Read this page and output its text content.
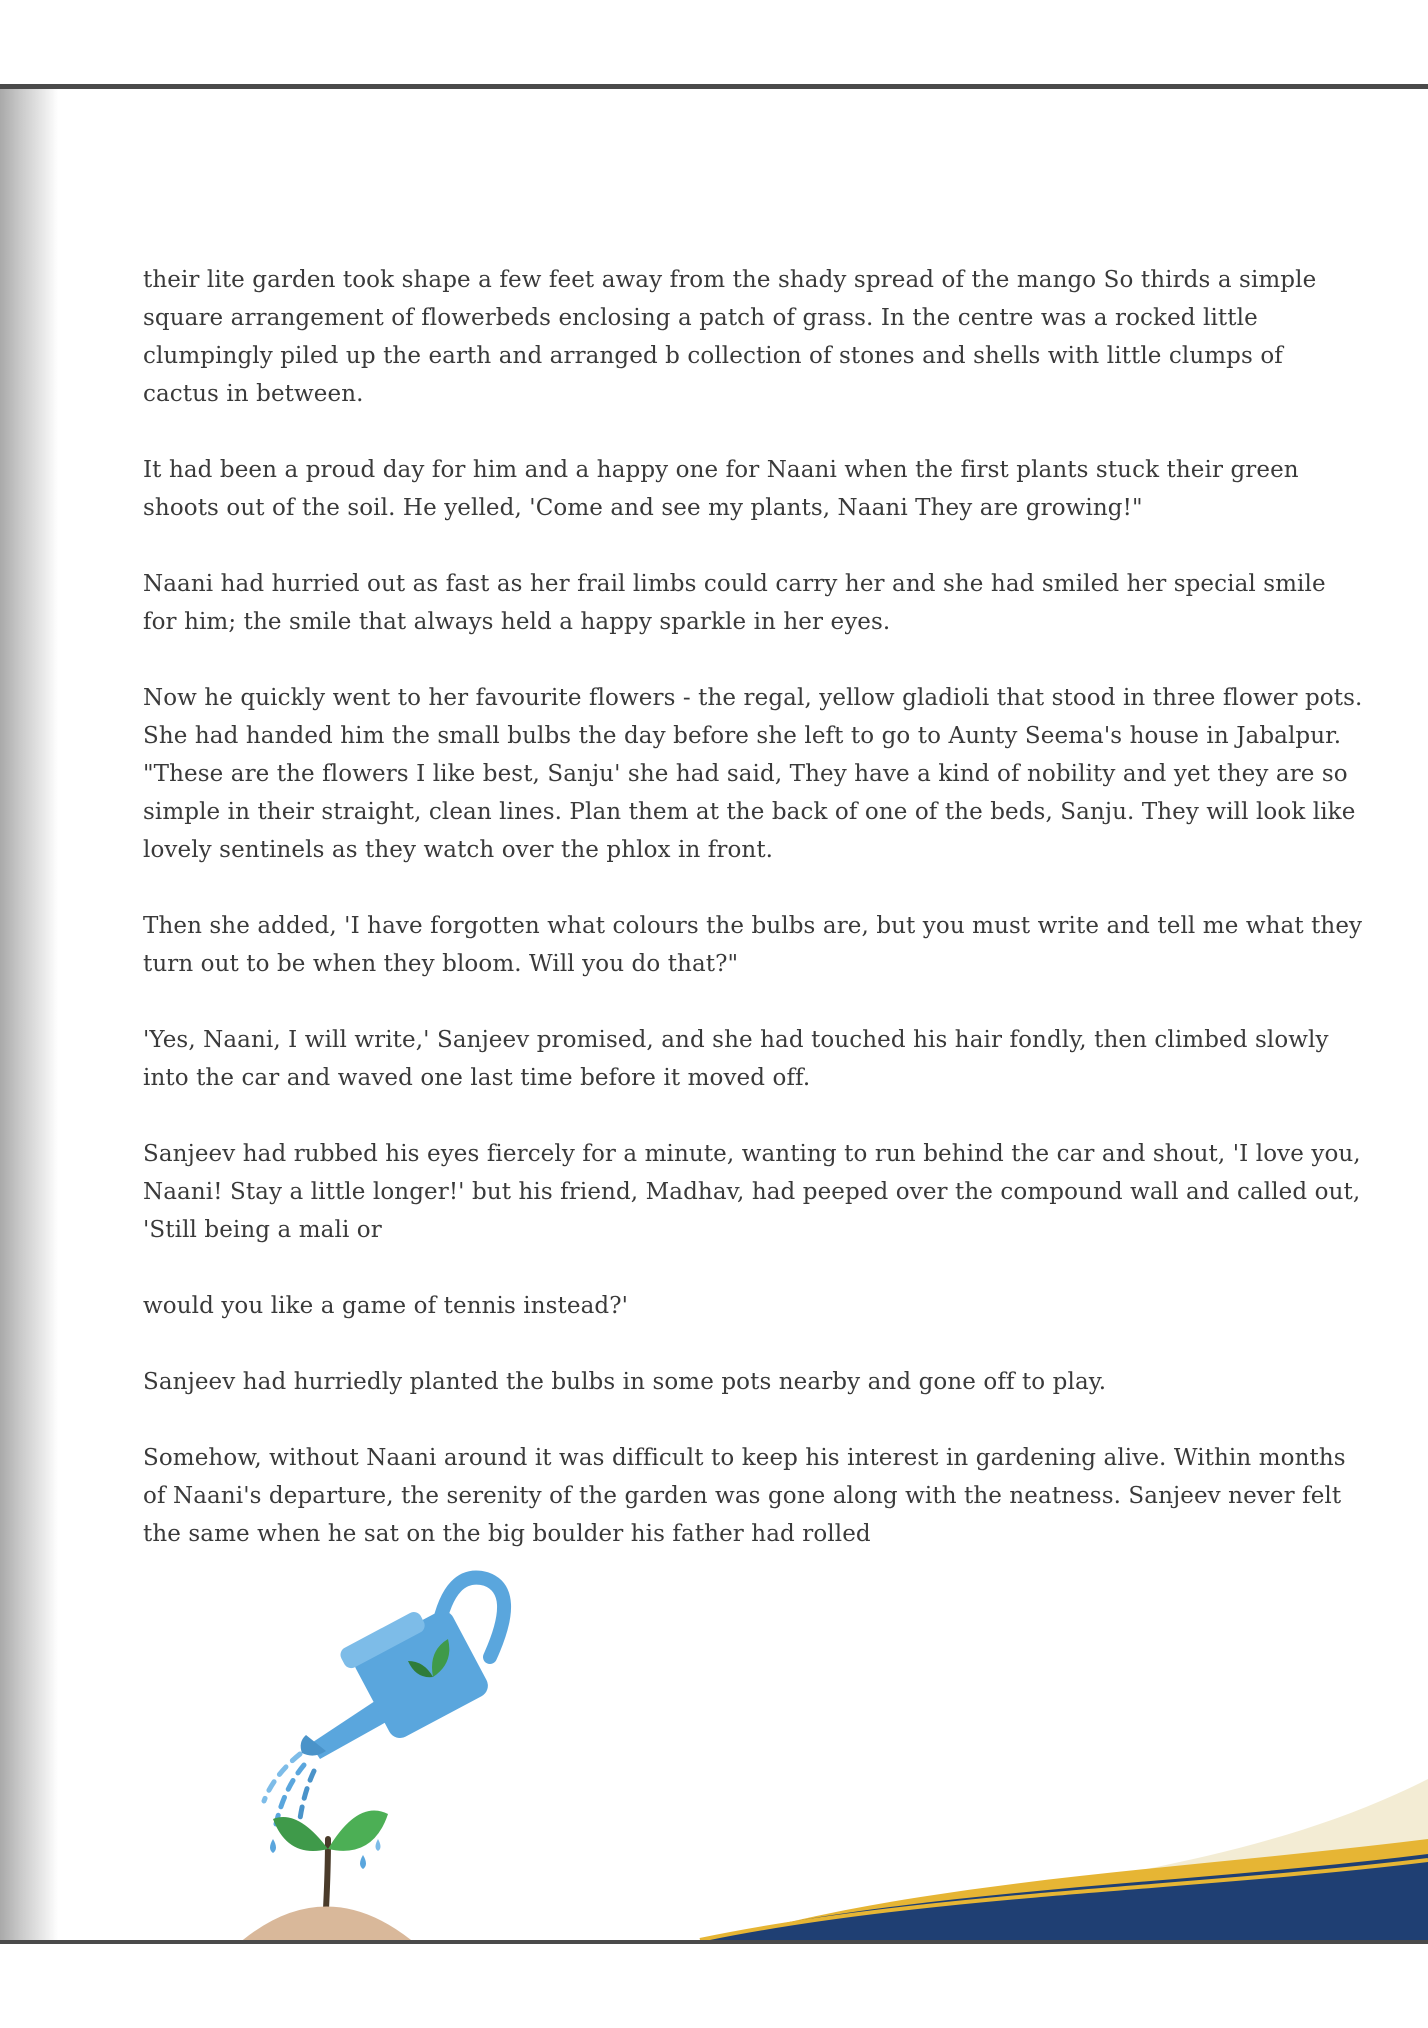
their lite garden took shape a few feet away from the shady spread of the mango So thirds a simple square arrangement of flowerbeds enclosing a patch of grass. In the centre was a rocked little clumpingly piled up the earth and arranged b collection of stones and shells with little clumps of cactus in between.

It had been a proud day for him and a happy one for Naani when the first plants stuck their green shoots out of the soil. He yelled, 'Come and see my plants, Naani They are growing!"

Naani had hurried out as fast as her frail limbs could carry her and she had smiled her special smile for him; the smile that always held a happy sparkle in her eyes.

Now he quickly went to her favourite flowers - the regal, yellow gladioli that stood in three flower pots. She had handed him the small bulbs the day before she left to go to Aunty Seema's house in Jabalpur. "These are the flowers I like best, Sanju' she had said, They have a kind of nobility and yet they are so simple in their straight, clean lines. Plan them at the back of one of the beds, Sanju. They will look like lovely sentinels as they watch over the phlox in front.

Then she added, 'I have forgotten what colours the bulbs are, but you must write and tell me what they turn out to be when they bloom. Will you do that?"

'Yes, Naani, I will write,' Sanjeev promised, and she had touched his hair fondly, then climbed slowly into the car and waved one last time before it moved off.

Sanjeev had rubbed his eyes fiercely for a minute, wanting to run behind the car and shout, 'I love you, Naani! Stay a little longer!' but his friend, Madhav, had peeped over the compound wall and called out, 'Still being a mali or

would you like a game of tennis instead?'

Sanjeev had hurriedly planted the bulbs in some pots nearby and gone off to play.

Somehow, without Naani around it was difficult to keep his interest in gardening alive. Within months of Naani's departure, the serenity of the garden was gone along with the neatness. Sanjeev never felt the same when he sat on the big boulder his father had rolled
